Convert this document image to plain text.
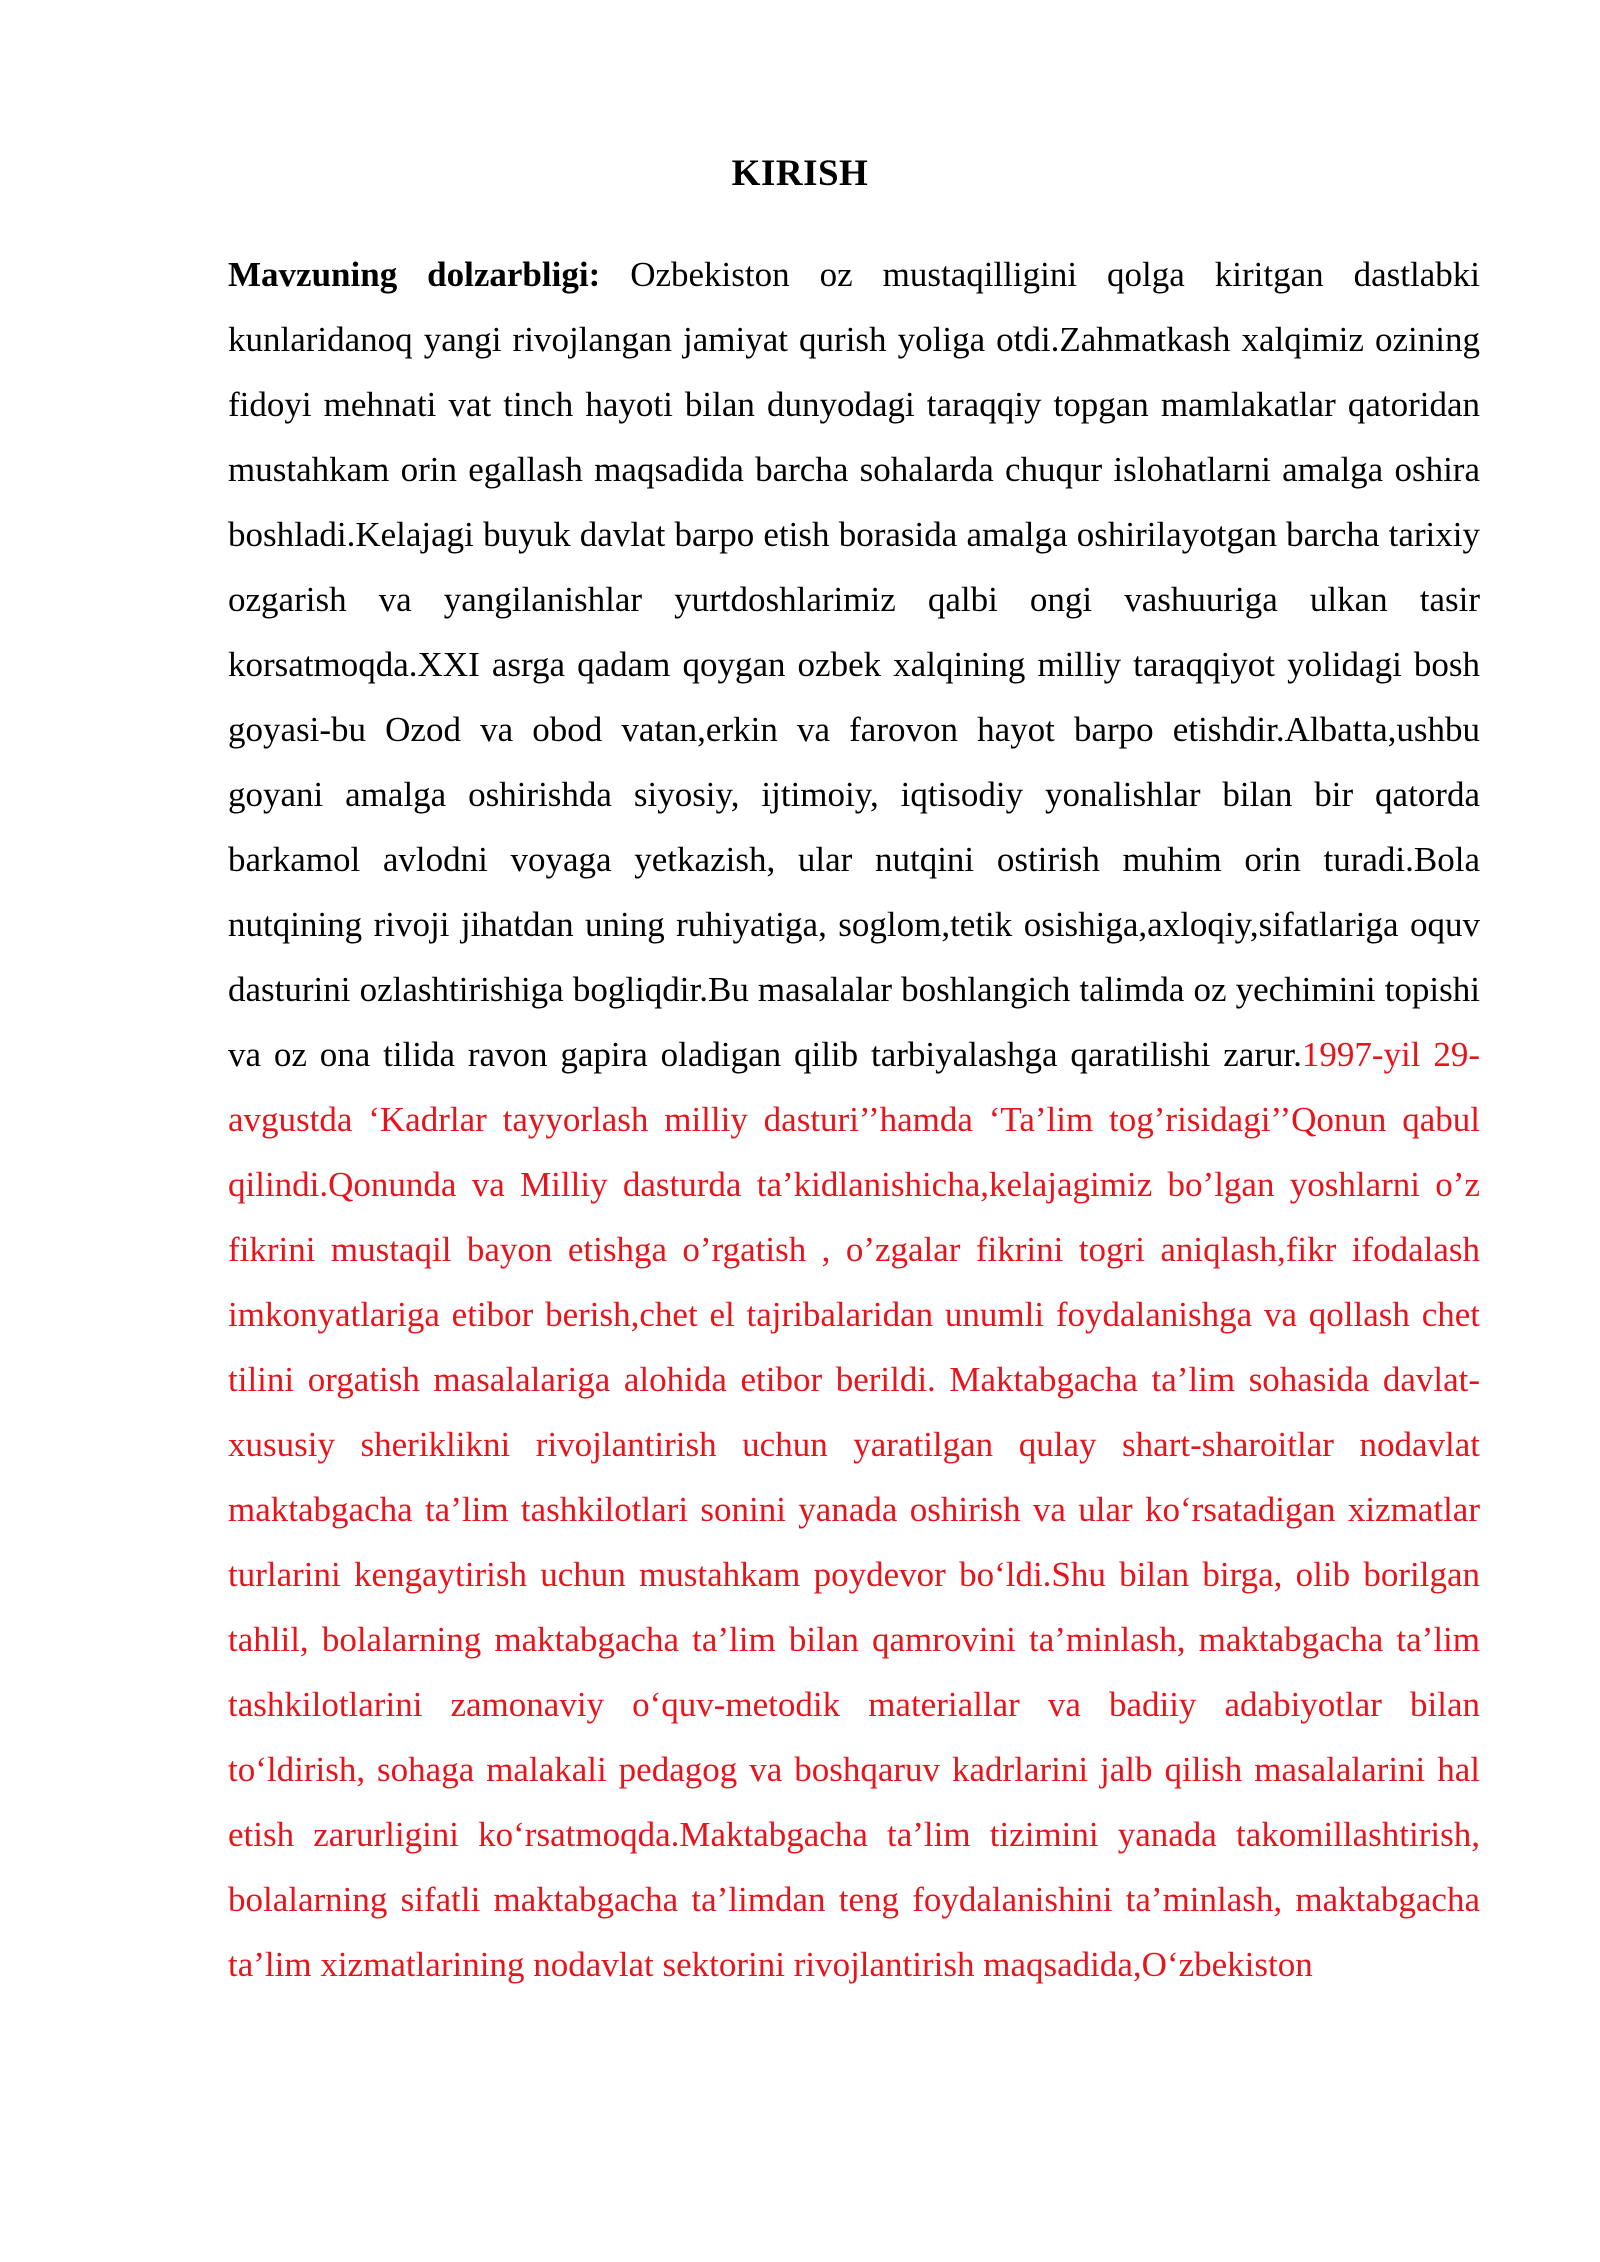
KIRISH

Mavzuning dolzarbligi: Ozbekiston oz mustaqilligini qolga kiritgan dastlabki kunlaridanoq yangi rivojlangan jamiyat qurish yoliga otdi.Zahmatkash xalqimiz ozining fidoyi mehnati vat tinch hayoti bilan dunyodagi taraqqiy topgan mamlakatlar qatoridan mustahkam orin egallash maqsadida barcha sohalarda chuqur islohatlarni amalga oshira boshladi.Kelajagi buyuk davlat barpo etish borasida amalga oshirilayotgan barcha tarixiy ozgarish va yangilanishlar yurtdoshlarimiz qalbi ongi vashuuriga ulkan tasir korsatmoqda.XXI asrga qadam qoygan ozbek xalqining milliy taraqqiyot yolidagi bosh goyasi-bu Ozod va obod vatan,erkin va farovon hayot barpo etishdir.Albatta,ushbu goyani amalga oshirishda siyosiy, ijtimoiy, iqtisodiy yonalishlar bilan bir qatorda barkamol avlodni voyaga yetkazish, ular nutqini ostirish muhim orin turadi.Bola nutqining rivoji jihatdan uning ruhiyatiga, soglom,tetik osishiga,axloqiy,sifatlariga oquv dasturini ozlashtirishiga bogliqdir.Bu masalalar boshlangich talimda oz yechimini topishi va oz ona tilida ravon gapira oladigan qilib tarbiyalashga qaratilishi zarur.1997-yil 29-avgustda ‘Kadrlar tayyorlash milliy dasturi’’hamda ‘Ta’lim tog’risidagi’’Qonun qabul qilindi.Qonunda va Milliy dasturda ta’kidlanishicha,kelajagimiz bo’lgan yoshlarni o’z fikrini mustaqil bayon etishga o’rgatish , o’zgalar fikrini togri aniqlash,fikr ifodalash imkonyatlariga etibor berish,chet el tajribalaridan unumli foydalanishga va qollash chet tilini orgatish masalalariga alohida etibor berildi. Maktabgacha ta’lim sohasida davlat-xususiy sheriklikni rivojlantirish uchun yaratilgan qulay shart-sharoitlar nodavlat maktabgacha ta’lim tashkilotlari sonini yanada oshirish va ular koʻrsatadigan xizmatlar turlarini kengaytirish uchun mustahkam poydevor boʻldi.Shu bilan birga, olib borilgan tahlil, bolalarning maktabgacha ta’lim bilan qamrovini ta’minlash, maktabgacha ta’lim tashkilotlarini zamonaviy oʻquv-metodik materiallar va badiiy adabiyotlar bilan toʻldirish, sohaga malakali pedagog va boshqaruv kadrlarini jalb qilish masalalarini hal etish zarurligini koʻrsatmoqda.Maktabgacha ta’lim tizimini yanada takomillashtirish, bolalarning sifatli maktabgacha ta’limdan teng foydalanishini ta’minlash, maktabgacha ta’lim xizmatlarining nodavlat sektorini rivojlantirish maqsadida,Oʻzbekiston
